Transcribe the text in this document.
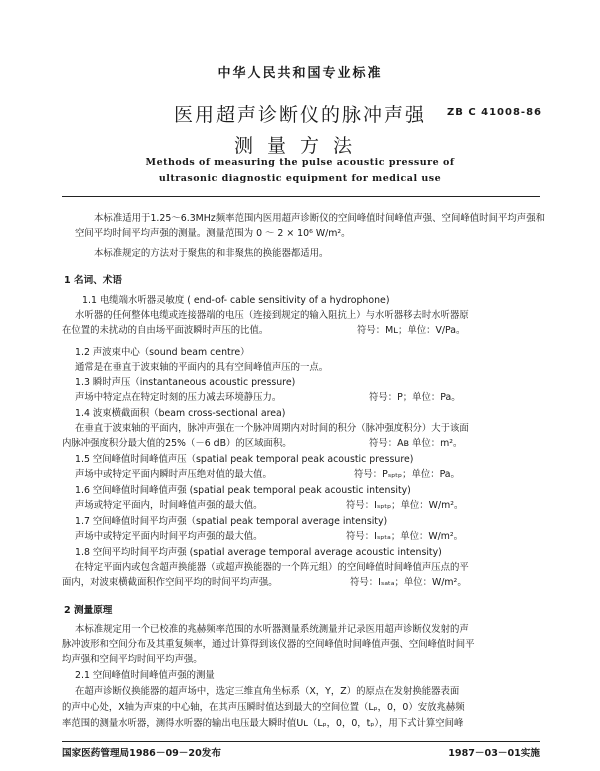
中华人民共和国专业标准
医用超声诊断仪的脉冲声强	ZB C 41008-86
测量方法
Methods of measuring the pulse acoustic pressure of
ultrasonic diagnostic equipment for medical use
本标准适用于1.25～6.3MHz频率范围内医用超声诊断仪的空间峰值时间峰值声强、空间峰值时间平均声强和空间平均时间平均声强的测量。测量范围为 0 ～ 2 × 10⁶ W/m²。
本标准规定的方法对于聚焦的和非聚焦的换能器都适用。
1 名词、术语
1.1 电缆端水听器灵敏度 ( end-of- cable sensitivity of a hydrophone)
水听器的任何整体电缆或连接器端的电压（连接到规定的输入阻抗上）与水听器移去时水听器原
在位置的未扰动的自由场平面波瞬时声压的比值。	符号：Mʟ；单位：V/Pa。
1.2 声波束中心（sound beam centre）
通常是在垂直于波束轴的平面内的具有空间峰值声压的一点。
1.3 瞬时声压（instantaneous acoustic pressure)
声场中特定点在特定时刻的压力减去环境静压力。	符号：P；单位：Pa。
1.4 波束横截面积（beam cross-sectional area)
在垂直于波束轴的平面内，脉冲声强在一个脉冲周期内对时间的积分（脉冲强度积分）大于该面
内脉冲强度积分最大值的25%（－6 dB）的区域面积。	符号：Aʙ 单位：m²。
1.5 空间峰值时间峰值声压（spatial peak temporal peak acoustic pressure)
声场中或特定平面内瞬时声压绝对值的最大值。	符号：Pₛₚₜₚ；单位：Pa。
1.6 空间峰值时间峰值声强 (spatial peak temporal peak acoustic intensity)
声场或特定平面内，时间峰值声强的最大值。	符号：Iₛₚₜₚ；单位：W/m²。
1.7 空间峰值时间平均声强（spatial peak temporal average intensity)
声场中或特定平面内时间平均声强的最大值。	符号：Iₛₚₜₐ；单位：W/m²。
1.8 空间平均时间平均声强 (spatial average temporal average acoustic intensity)
在特定平面内或包含超声换能器（或超声换能器的一个阵元组）的空间峰值时间峰值声压点的平
面内，对波束横截面积作空间平均的时间平均声强。	符号：Iₛₐₜₐ；单位：W/m²。
2 测量原理
本标准规定用一个已校准的兆赫频率范围的水听器测量系统测量并记录医用超声诊断仪发射的声
脉冲波形和空间分布及其重复频率，通过计算得到该仪器的空间峰值时间峰值声强、空间峰值时间平
均声强和空间平均时间平均声强。
2.1 空间峰值时间峰值声强的测量
在超声诊断仪换能器的超声场中，选定三维直角坐标系（X，Y，Z）的原点在发射换能器表面
的声中心处，X轴为声束的中心轴，在其声压瞬时值达到最大的空间位置（Lₚ，0，0）安放兆赫频
率范围的测量水听器，测得水听器的输出电压最大瞬时值Uʟ（Lₚ，0，0，tₚ），用下式计算空间峰
国家医药管理局1986－09－20发布	1987－03－01实施
